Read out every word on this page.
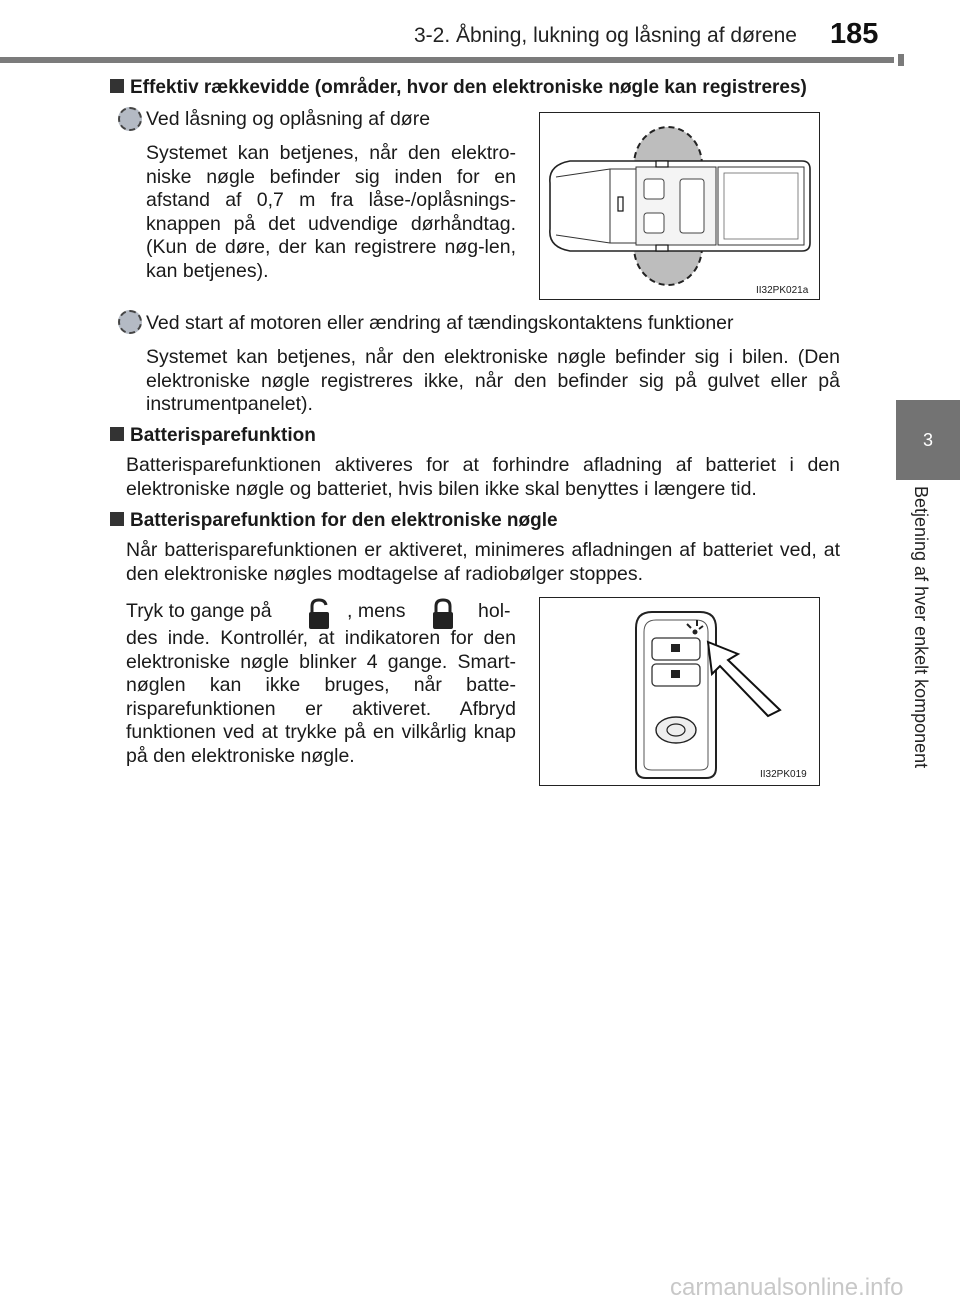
3-2. Åbning, lukning og låsning af dørene 185
3
Betjening af hver enkelt komponent
Effektiv rækkevidde (områder, hvor den elektroniske nøgle kan registreres)
Ved låsning og oplåsning af døre
Systemet kan betjenes, når den elektro-niske nøgle befinder sig inden for en afstand af 0,7 m fra låse-/oplåsnings-knappen på det udvendige dørhåndtag. (Kun de døre, der kan registrere nøg-len, kan betjenes).
II32PK021a
Ved start af motoren eller ændring af tændingskontaktens funktioner
Systemet kan betjenes, når den elektroniske nøgle befinder sig i bilen. (Den elektroniske nøgle registreres ikke, når den befinder sig på gulvet eller på instrumentpanelet).
Batterisparefunktion
Batterisparefunktionen aktiveres for at forhindre afladning af batteriet i den elektroniske nøgle og batteriet, hvis bilen ikke skal benyttes i længere tid.
Batterisparefunktion for den elektroniske nøgle
Når batterisparefunktionen er aktiveret, minimeres afladningen af batteriet ved, at den elektroniske nøgles modtagelse af radiobølger stoppes.
Tryk to gange på	, mens	hol-
des inde. Kontrollér, at indikatoren for den elektroniske nøgle blinker 4 gange. Smart-nøglen kan ikke bruges, når batte-risparefunktionen er aktiveret. Afbryd funktionen ved at trykke på en vilkårlig knap på den elektroniske nøgle.
II32PK019
carmanualsonline.info
